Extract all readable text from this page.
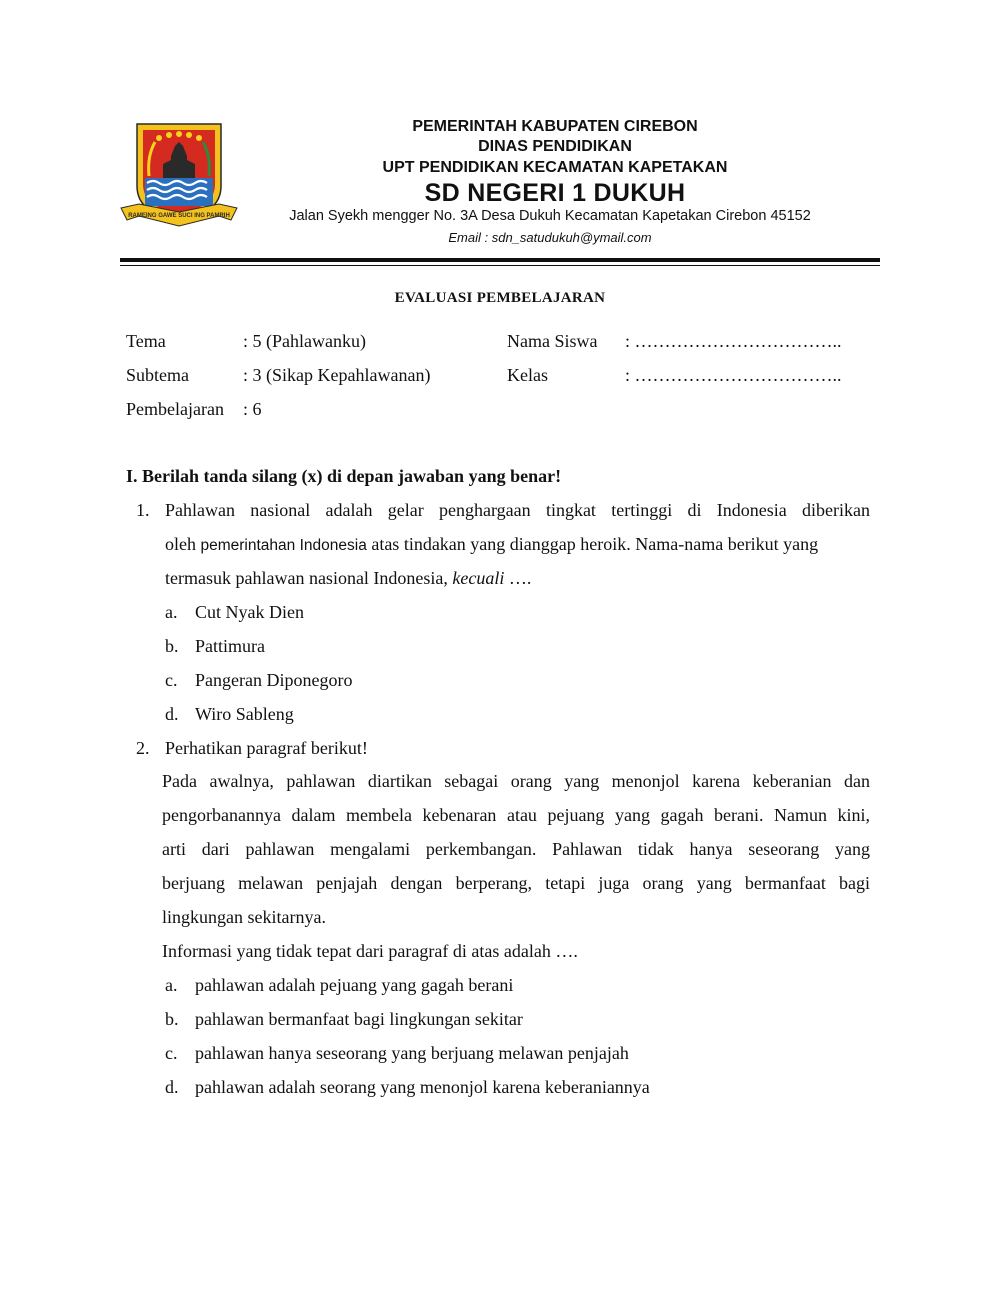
RAMEING GAWE SUCI ING PAMRIH
PEMERINTAH KABUPATEN CIREBON
DINAS PENDIDIKAN
UPT PENDIDIKAN KECAMATAN KAPETAKAN
SD NEGERI 1 DUKUH
Jalan Syekh mengger No. 3A Desa Dukuh Kecamatan Kapetakan Cirebon 45152
Email : sdn_satudukuh@ymail.com
EVALUASI PEMBELAJARAN
Tema	: 5 (Pahlawanku)	Nama Siswa : ……………………………..
Subtema	: 3 (Sikap Kepahlawanan)	Kelas	: ……………………………..
Pembelajaran : 6
I. Berilah tanda silang (x) di depan jawaban yang benar!
1. Pahlawan nasional adalah gelar penghargaan tingkat tertinggi di Indonesia diberikan
oleh pemerintahan Indonesia atas tindakan yang dianggap heroik. Nama-nama berikut yang
termasuk pahlawan nasional Indonesia, kecuali ….
a. Cut Nyak Dien
b. Pattimura
c. Pangeran Diponegoro
d. Wiro Sableng
2. Perhatikan paragraf berikut!
Pada awalnya, pahlawan diartikan sebagai orang yang menonjol karena keberanian dan
pengorbanannya dalam membela kebenaran atau pejuang yang gagah berani. Namun kini,
arti dari pahlawan mengalami perkembangan. Pahlawan tidak hanya seseorang yang
berjuang melawan penjajah dengan berperang, tetapi juga orang yang bermanfaat bagi
lingkungan sekitarnya.
Informasi yang tidak tepat dari paragraf di atas adalah ….
a. pahlawan adalah pejuang yang gagah berani
b. pahlawan bermanfaat bagi lingkungan sekitar
c. pahlawan hanya seseorang yang berjuang melawan penjajah
d. pahlawan adalah seorang yang menonjol karena keberaniannya
